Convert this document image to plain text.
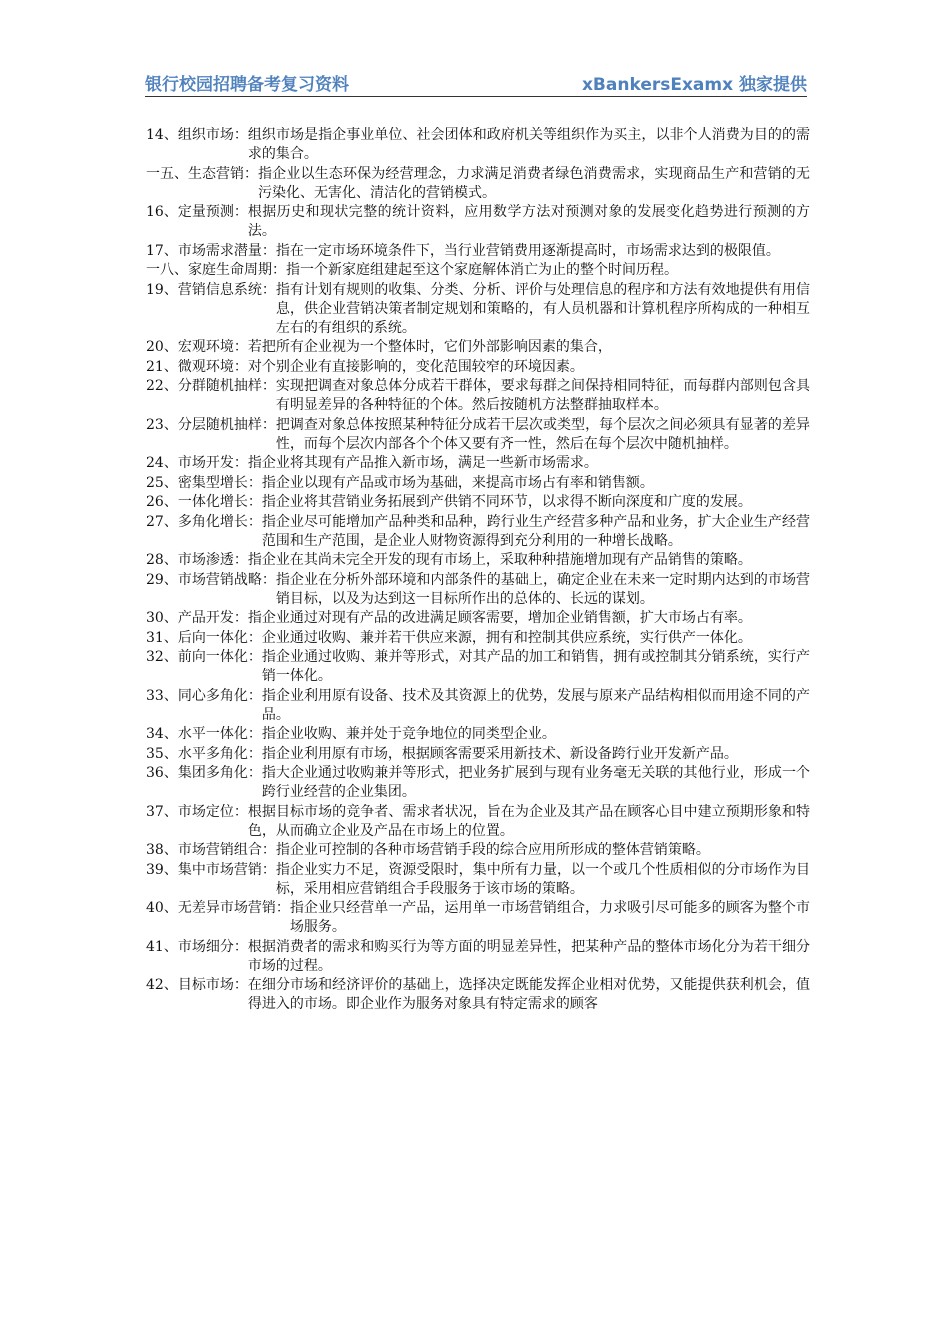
银行校园招聘备考复习资料	xBankersExamx 独家提供
14、组织市场： 组织市场是指企事业单位、社会团体和政府机关等组织作为买主，以非个人消费为目的的需求的集合。
一五、生态营销： 指企业以生态环保为经营理念，力求满足消费者绿色消费需求，实现商品生产和营销的无污染化、无害化、清洁化的营销模式。
16、定量预测： 根据历史和现状完整的统计资料，应用数学方法对预测对象的发展变化趋势进行预测的方法。
17、市场需求潜量： 指在一定市场环境条件下，当行业营销费用逐渐提高时，市场需求达到的极限值。
一八、家庭生命周期： 指一个新家庭组建起至这个家庭解体消亡为止的整个时间历程。
19、营销信息系统： 指有计划有规则的收集、分类、分析、评价与处理信息的程序和方法有效地提供有用信息，供企业营销决策者制定规划和策略的，有人员机器和计算机程序所构成的一种相互左右的有组织的系统。
20、宏观环境： 若把所有企业视为一个整体时，它们外部影响因素的集合，
21、微观环境： 对个别企业有直接影响的，变化范围较窄的环境因素。
22、分群随机抽样： 实现把调查对象总体分成若干群体，要求每群之间保持相同特征，而每群内部则包含具有明显差异的各种特征的个体。然后按随机方法整群抽取样本。
23、分层随机抽样： 把调查对象总体按照某种特征分成若干层次或类型，每个层次之间必须具有显著的差异性，而每个层次内部各个个体又要有齐一性，然后在每个层次中随机抽样。
24、市场开发： 指企业将其现有产品推入新市场，满足一些新市场需求。
25、密集型增长： 指企业以现有产品或市场为基础，来提高市场占有率和销售额。
26、一体化增长： 指企业将其营销业务拓展到产供销不同环节，以求得不断向深度和广度的发展。
27、多角化增长： 指企业尽可能增加产品种类和品种，跨行业生产经营多种产品和业务，扩大企业生产经营范围和生产范围，是企业人财物资源得到充分利用的一种增长战略。
28、市场渗透： 指企业在其尚未完全开发的现有市场上，采取种种措施增加现有产品销售的策略。
29、市场营销战略： 指企业在分析外部环境和内部条件的基础上，确定企业在未来一定时期内达到的市场营销目标，以及为达到这一目标所作出的总体的、长远的谋划。
30、产品开发： 指企业通过对现有产品的改进满足顾客需要，增加企业销售额，扩大市场占有率。
31、后向一体化： 企业通过收购、兼并若干供应来源，拥有和控制其供应系统，实行供产一体化。
32、前向一体化： 指企业通过收购、兼并等形式，对其产品的加工和销售，拥有或控制其分销系统，实行产销一体化。
33、同心多角化： 指企业利用原有设备、技术及其资源上的优势，发展与原来产品结构相似而用途不同的产品。
34、水平一体化： 指企业收购、兼并处于竞争地位的同类型企业。
35、水平多角化： 指企业利用原有市场，根据顾客需要采用新技术、新设备跨行业开发新产品。
36、集团多角化： 指大企业通过收购兼并等形式，把业务扩展到与现有业务毫无关联的其他行业，形成一个跨行业经营的企业集团。
37、市场定位： 根据目标市场的竞争者、需求者状况，旨在为企业及其产品在顾客心目中建立预期形象和特色，从而确立企业及产品在市场上的位置。
38、市场营销组合： 指企业可控制的各种市场营销手段的综合应用所形成的整体营销策略。
39、集中市场营销： 指企业实力不足，资源受限时，集中所有力量，以一个或几个性质相似的分市场作为目标，采用相应营销组合手段服务于该市场的策略。
40、无差异市场营销： 指企业只经营单一产品，运用单一市场营销组合，力求吸引尽可能多的顾客为整个市场服务。
41、市场细分： 根据消费者的需求和购买行为等方面的明显差异性，把某种产品的整体市场化分为若干细分市场的过程。
42、目标市场： 在细分市场和经济评价的基础上，选择决定既能发挥企业相对优势，又能提供获利机会，值得进入的市场。即企业作为服务对象具有特定需求的顾客
